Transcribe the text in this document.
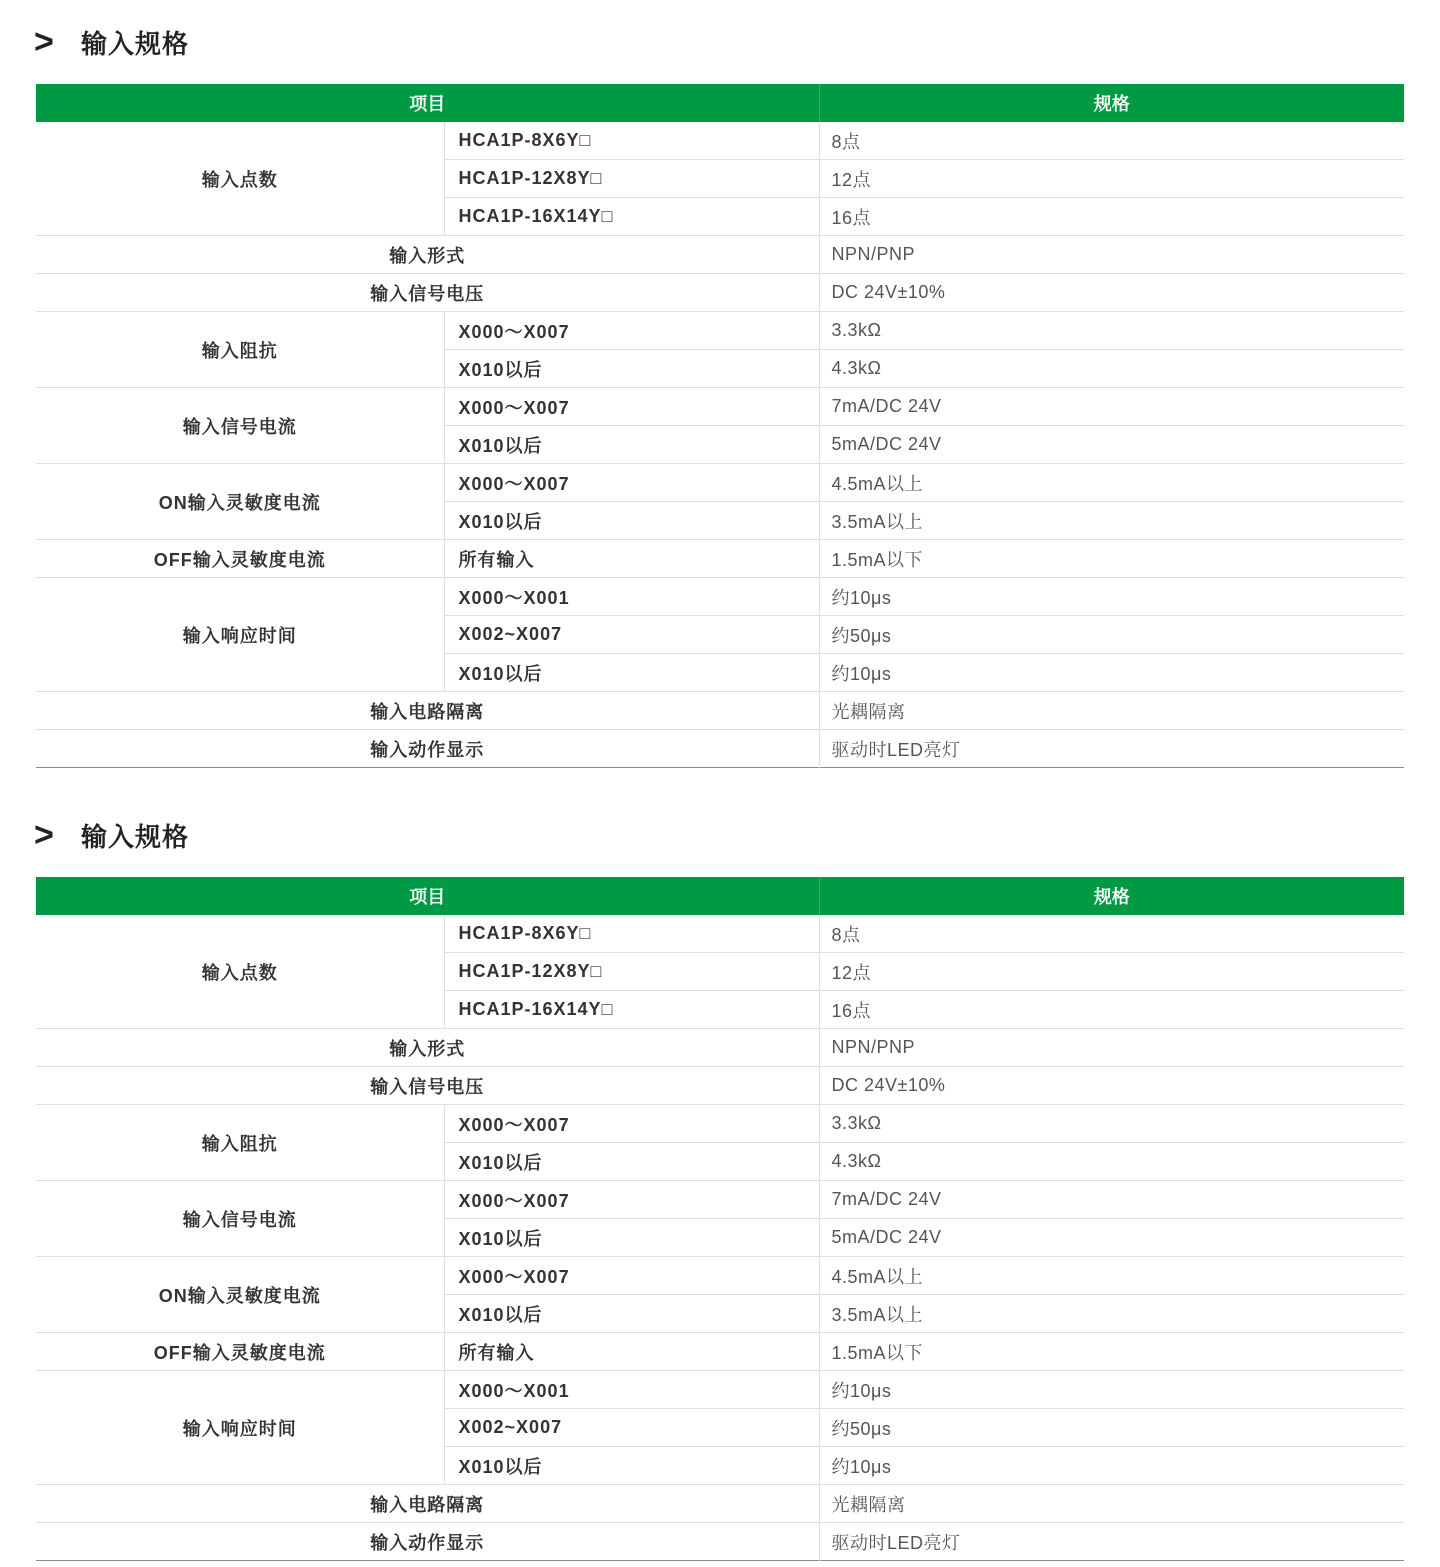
>	输入规格
项目		规格
输入点数	HCA1P-8X6Y□	8点
	HCA1P-12X8Y□	12点
	HCA1P-16X14Y□	16点
输入形式		NPN/PNP
输入信号电压		DC 24V±10%
输入阻抗	X000～X007	3.3kΩ
	X010以后	4.3kΩ
输入信号电流	X000～X007	7mA/DC 24V
	X010以后	5mA/DC 24V
ON输入灵敏度电流	X000～X007	4.5mA以上
	X010以后	3.5mA以上
OFF输入灵敏度电流	所有输入	1.5mA以下
输入响应时间	X000～X001	约10μs
	X002~X007	约50μs
	X010以后	约10μs
输入电路隔离		光耦隔离
输入动作显示		驱动时LED亮灯
>	输入规格
项目		规格
输入点数	HCA1P-8X6Y□	8点
	HCA1P-12X8Y□	12点
	HCA1P-16X14Y□	16点
输入形式		NPN/PNP
输入信号电压		DC 24V±10%
输入阻抗	X000～X007	3.3kΩ
	X010以后	4.3kΩ
输入信号电流	X000～X007	7mA/DC 24V
	X010以后	5mA/DC 24V
ON输入灵敏度电流	X000～X007	4.5mA以上
	X010以后	3.5mA以上
OFF输入灵敏度电流	所有输入	1.5mA以下
输入响应时间	X000～X001	约10μs
	X002~X007	约50μs
	X010以后	约10μs
输入电路隔离		光耦隔离
输入动作显示		驱动时LED亮灯
